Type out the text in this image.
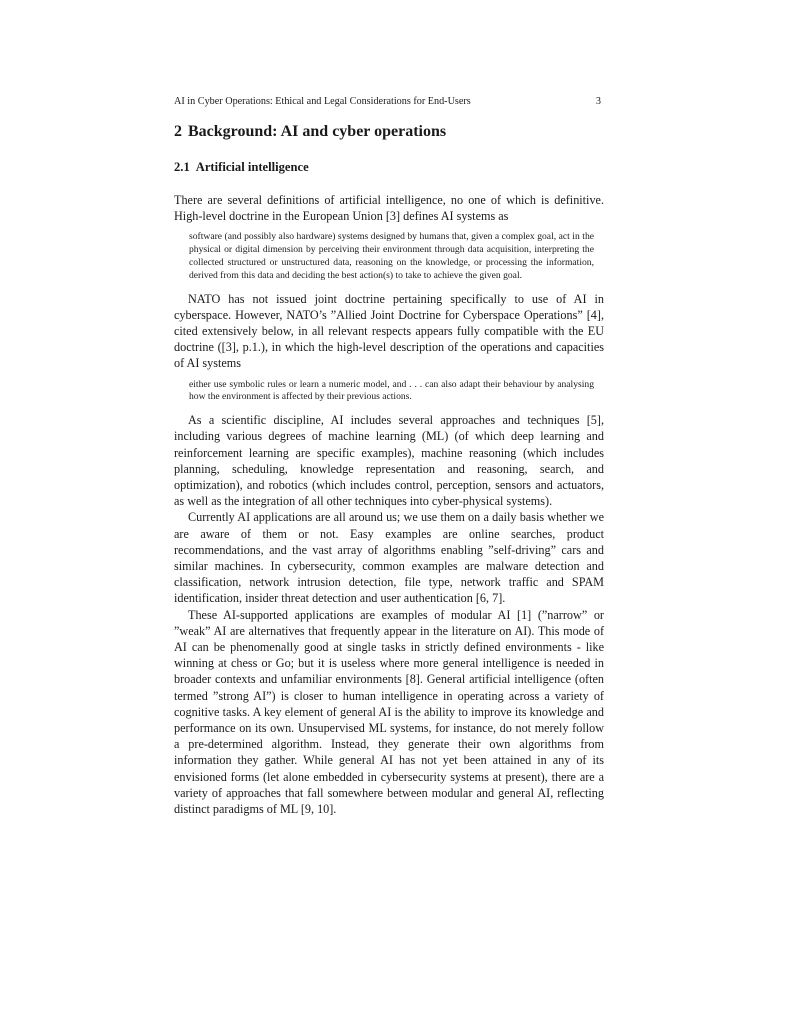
AI in Cyber Operations: Ethical and Legal Considerations for End-Users	3
2 Background: AI and cyber operations
2.1 Artificial intelligence

There are several definitions of artificial intelligence, no one of which is definitive. High-level doctrine in the European Union [3] defines AI systems as

software (and possibly also hardware) systems designed by humans that, given a complex goal, act in the physical or digital dimension by perceiving their environment through data acquisition, interpreting the collected structured or unstructured data, reasoning on the knowledge, or processing the information, derived from this data and deciding the best action(s) to take to achieve the given goal.

NATO has not issued joint doctrine pertaining specifically to use of AI in cyberspace. However, NATO’s ”Allied Joint Doctrine for Cyberspace Operations” [4], cited extensively below, in all relevant respects appears fully compatible with the EU doctrine ([3], p.1.), in which the high-level description of the operations and capacities of AI systems

either use symbolic rules or learn a numeric model, and . . . can also adapt their behaviour by analysing how the environment is affected by their previous actions.

As a scientific discipline, AI includes several approaches and techniques [5], including various degrees of machine learning (ML) (of which deep learning and reinforcement learning are specific examples), machine reasoning (which includes planning, scheduling, knowledge representation and reasoning, search, and optimization), and robotics (which includes control, perception, sensors and actuators, as well as the integration of all other techniques into cyber-physical systems).

Currently AI applications are all around us; we use them on a daily basis whether we are aware of them or not. Easy examples are online searches, product recommendations, and the vast array of algorithms enabling ”self-driving” cars and similar machines. In cybersecurity, common examples are malware detection and classification, network intrusion detection, file type, network traffic and SPAM identification, insider threat detection and user authentication [6, 7].

These AI-supported applications are examples of modular AI [1] (”narrow” or ”weak” AI are alternatives that frequently appear in the literature on AI). This mode of AI can be phenomenally good at single tasks in strictly defined environments - like winning at chess or Go; but it is useless where more general intelligence is needed in broader contexts and unfamiliar environments [8]. General artificial intelligence (often termed ”strong AI”) is closer to human intelligence in operating across a variety of cognitive tasks. A key element of general AI is the ability to improve its knowledge and performance on its own. Unsupervised ML systems, for instance, do not merely follow a pre-determined algorithm. Instead, they generate their own algorithms from information they gather. While general AI has not yet been attained in any of its envisioned forms (let alone embedded in cybersecurity systems at present), there are a variety of approaches that fall somewhere between modular and general AI, reflecting distinct paradigms of ML [9, 10].
